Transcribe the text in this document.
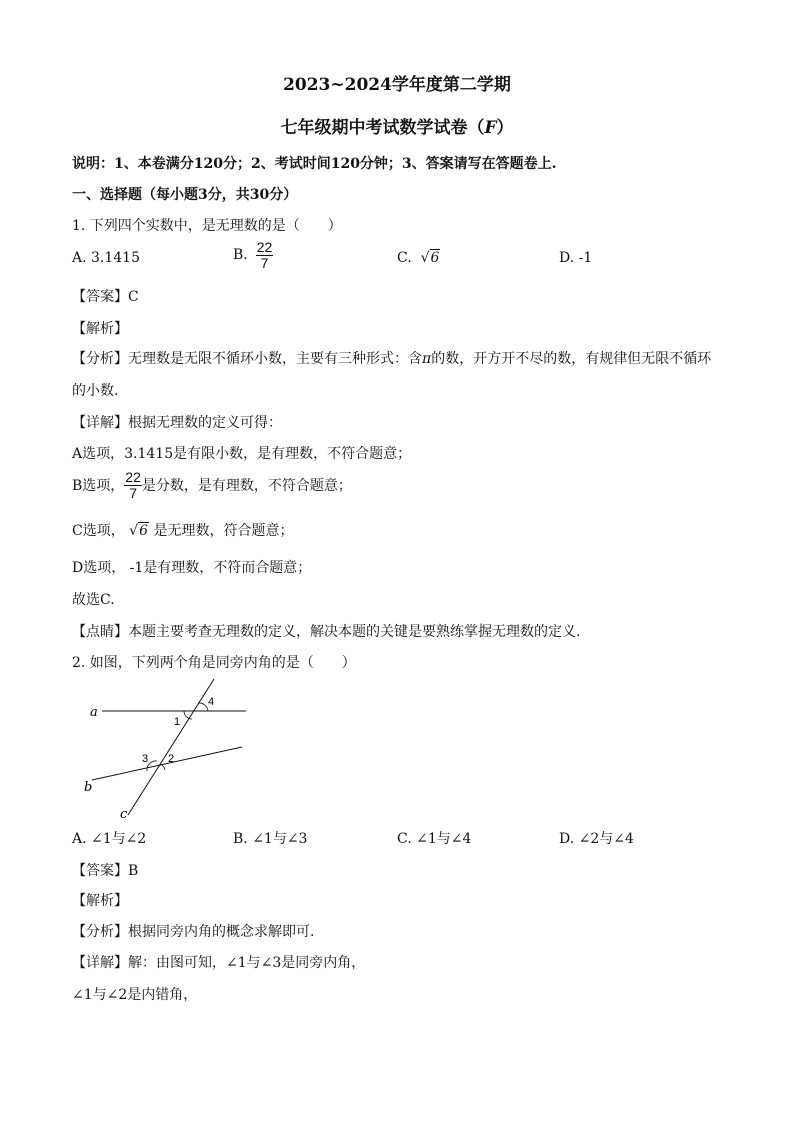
2023~2024学年度第二学期
七年级期中考试数学试卷（F）
说明：1、本卷满分120分；2、考试时间120分钟；3、答案请写在答题卷上.
一、选择题（每小题3分，共30分）
1. 下列四个实数中，是无理数的是（　　）
A. 3.1415	B. $\frac{22}{7}$	C.  √6	D. -1
【答案】C
【解析】
【分析】无理数是无限不循环小数，主要有三种形式：含π的数，开方开不尽的数，有规律但无限不循环
的小数.
【详解】根据无理数的定义可得：
A选项，3.1415是有限小数，是有理数，不符合题意；
B选项， $\frac{22}{7}$ 是分数，是有理数，不符合题意；
C选项， √6 是无理数，符合题意；
D选项， -1是有理数，不符而合题意；
故选C.
【点睛】本题主要考查无理数的定义，解决本题的关键是要熟练掌握无理数的定义.
2. 如图，下列两个角是同旁内角的是（　　）
a
b
c
1
4
3 2
A. ∠1与∠2	B. ∠1与∠3	C. ∠1与∠4	D. ∠2与∠4
【答案】B
【解析】
【分析】根据同旁内角的概念求解即可.
【详解】解：由图可知，∠1与∠3是同旁内角，
∠1与∠2是内错角，
